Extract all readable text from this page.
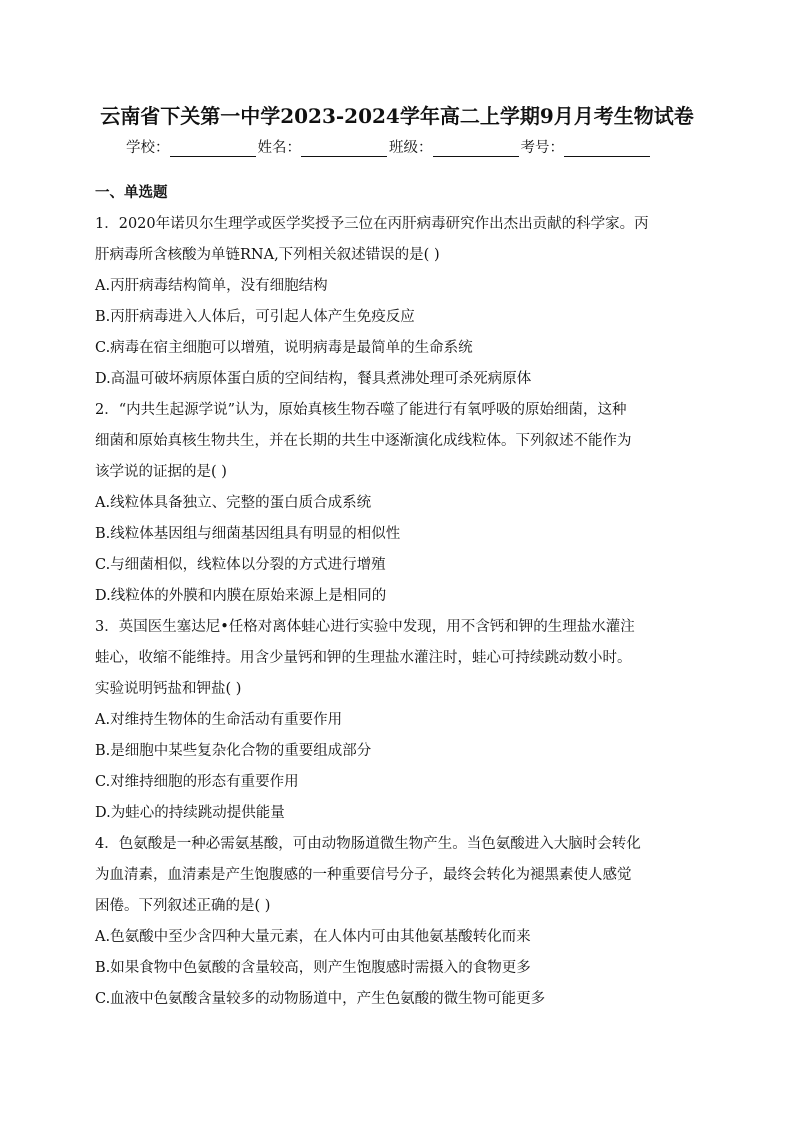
云南省下关第一中学2023-2024学年高二上学期9月月考生物试卷
学校：	姓名：	班级：	考号：
一、单选题
1．2020年诺贝尔生理学或医学奖授予三位在丙肝病毒研究作出杰出贡献的科学家。丙
肝病毒所含核酸为单链RNA,下列相关叙述错误的是( )
A.丙肝病毒结构简单，没有细胞结构
B.丙肝病毒进入人体后，可引起人体产生免疫反应
C.病毒在宿主细胞可以增殖，说明病毒是最简单的生命系统
D.高温可破坏病原体蛋白质的空间结构，餐具煮沸处理可杀死病原体
2．“内共生起源学说”认为，原始真核生物吞噬了能进行有氧呼吸的原始细菌，这种
细菌和原始真核生物共生，并在长期的共生中逐渐演化成线粒体。下列叙述不能作为
该学说的证据的是( )
A.线粒体具备独立、完整的蛋白质合成系统
B.线粒体基因组与细菌基因组具有明显的相似性
C.与细菌相似，线粒体以分裂的方式进行增殖
D.线粒体的外膜和内膜在原始来源上是相同的
3．英国医生塞达尼•任格对离体蛙心进行实验中发现，用不含钙和钾的生理盐水灌注
蛙心，收缩不能维持。用含少量钙和钾的生理盐水灌注时，蛙心可持续跳动数小时。
实验说明钙盐和钾盐( )
A.对维持生物体的生命活动有重要作用
B.是细胞中某些复杂化合物的重要组成部分
C.对维持细胞的形态有重要作用
D.为蛙心的持续跳动提供能量
4．色氨酸是一种必需氨基酸，可由动物肠道微生物产生。当色氨酸进入大脑时会转化
为血清素，血清素是产生饱腹感的一种重要信号分子，最终会转化为褪黑素使人感觉
困倦。下列叙述正确的是( )
A.色氨酸中至少含四种大量元素，在人体内可由其他氨基酸转化而来
B.如果食物中色氨酸的含量较高，则产生饱腹感时需摄入的食物更多
C.血液中色氨酸含量较多的动物肠道中，产生色氨酸的微生物可能更多
